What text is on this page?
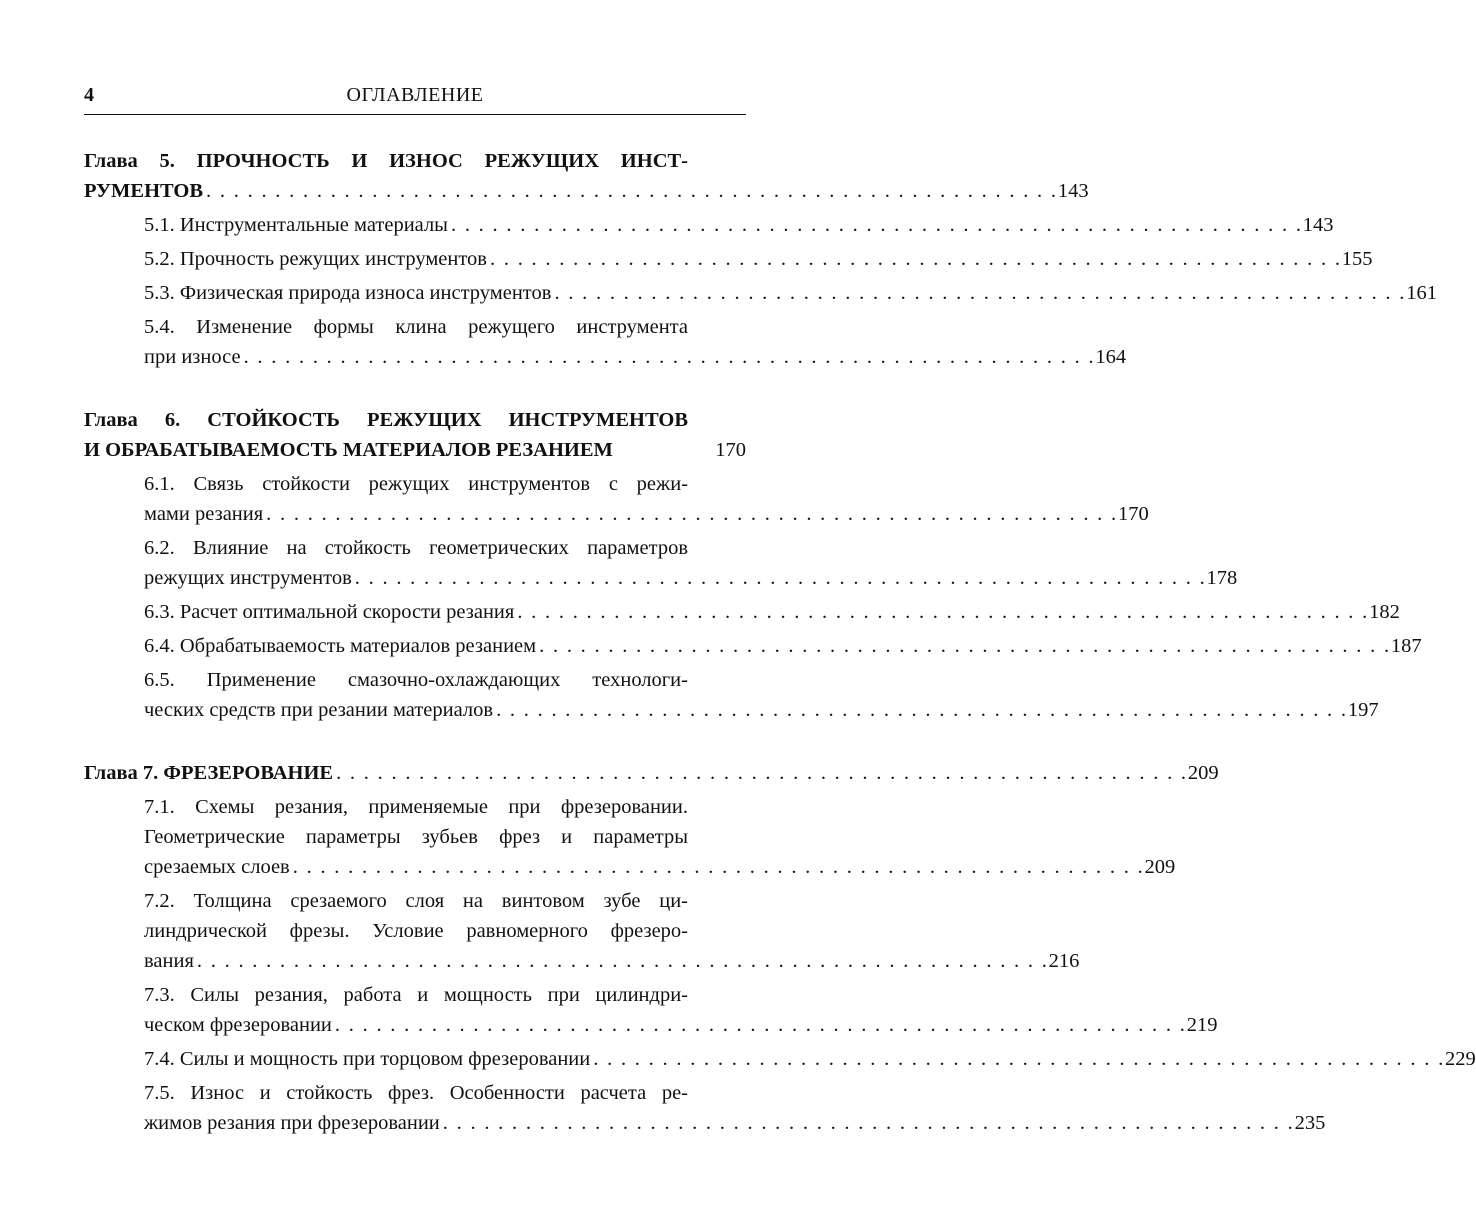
4	ОГЛАВЛЕНИЕ
Глава 5. ПРОЧНОСТЬ И ИЗНОС РЕЖУЩИХ ИНСТ-
РУМЕНТОВ . . . . . . . . . . . . . . . . . . . . . . . . . . . . . . . . . . . . . . . . . . . . . . . . . . . . . . . . . . . . . . 143
5.1. Инструментальные материалы . . . . . . . . . . . . . . . . . . . . . . . . . . . . . . . . . . . . . . . . . . . . . . . . . . . . . . . . . . . . . . 143
5.2. Прочность режущих инструментов . . . . . . . . . . . . . . . . . . . . . . . . . . . . . . . . . . . . . . . . . . . . . . . . . . . . . . . . . . . . . . 155
5.3. Физическая природа износа инструментов . . . . . . . . . . . . . . . . . . . . . . . . . . . . . . . . . . . . . . . . . . . . . . . . . . . . . . . . . . . . . . 161
5.4. Изменение формы клина режущего инструмента
при износе . . . . . . . . . . . . . . . . . . . . . . . . . . . . . . . . . . . . . . . . . . . . . . . . . . . . . . . . . . . . . . 164
Глава 6. СТОЙКОСТЬ РЕЖУЩИХ ИНСТРУМЕНТОВ
И ОБРАБАТЫВАЕМОСТЬ МАТЕРИАЛОВ РЕЗАНИЕМ	170
6.1. Связь стойкости режущих инструментов с режи-
мами резания . . . . . . . . . . . . . . . . . . . . . . . . . . . . . . . . . . . . . . . . . . . . . . . . . . . . . . . . . . . . . . 170
6.2. Влияние на стойкость геометрических параметров
режущих инструментов . . . . . . . . . . . . . . . . . . . . . . . . . . . . . . . . . . . . . . . . . . . . . . . . . . . . . . . . . . . . . . 178
6.3. Расчет оптимальной скорости резания . . . . . . . . . . . . . . . . . . . . . . . . . . . . . . . . . . . . . . . . . . . . . . . . . . . . . . . . . . . . . . 182
6.4. Обрабатываемость материалов резанием . . . . . . . . . . . . . . . . . . . . . . . . . . . . . . . . . . . . . . . . . . . . . . . . . . . . . . . . . . . . . . 187
6.5. Применение смазочно-охлаждающих технологи-
ческих средств при резании материалов . . . . . . . . . . . . . . . . . . . . . . . . . . . . . . . . . . . . . . . . . . . . . . . . . . . . . . . . . . . . . . 197
Глава 7. ФРЕЗЕРОВАНИЕ . . . . . . . . . . . . . . . . . . . . . . . . . . . . . . . . . . . . . . . . . . . . . . . . . . . . . . . . . . . . . . 209
7.1. Схемы резания, применяемые при фрезеровании.
Геометрические параметры зубьев фрез и параметры
срезаемых слоев . . . . . . . . . . . . . . . . . . . . . . . . . . . . . . . . . . . . . . . . . . . . . . . . . . . . . . . . . . . . . . 209
7.2. Толщина срезаемого слоя на винтовом зубе ци-
линдрической фрезы. Условие равномерного фрезеро-
вания . . . . . . . . . . . . . . . . . . . . . . . . . . . . . . . . . . . . . . . . . . . . . . . . . . . . . . . . . . . . . . 216
7.3. Силы резания, работа и мощность при цилиндри-
ческом фрезеровании . . . . . . . . . . . . . . . . . . . . . . . . . . . . . . . . . . . . . . . . . . . . . . . . . . . . . . . . . . . . . . 219
7.4. Силы и мощность при торцовом фрезеровании . . . . . . . . . . . . . . . . . . . . . . . . . . . . . . . . . . . . . . . . . . . . . . . . . . . . . . . . . . . . . . 229
7.5. Износ и стойкость фрез. Особенности расчета ре-
жимов резания при фрезеровании . . . . . . . . . . . . . . . . . . . . . . . . . . . . . . . . . . . . . . . . . . . . . . . . . . . . . . . . . . . . . . 235
